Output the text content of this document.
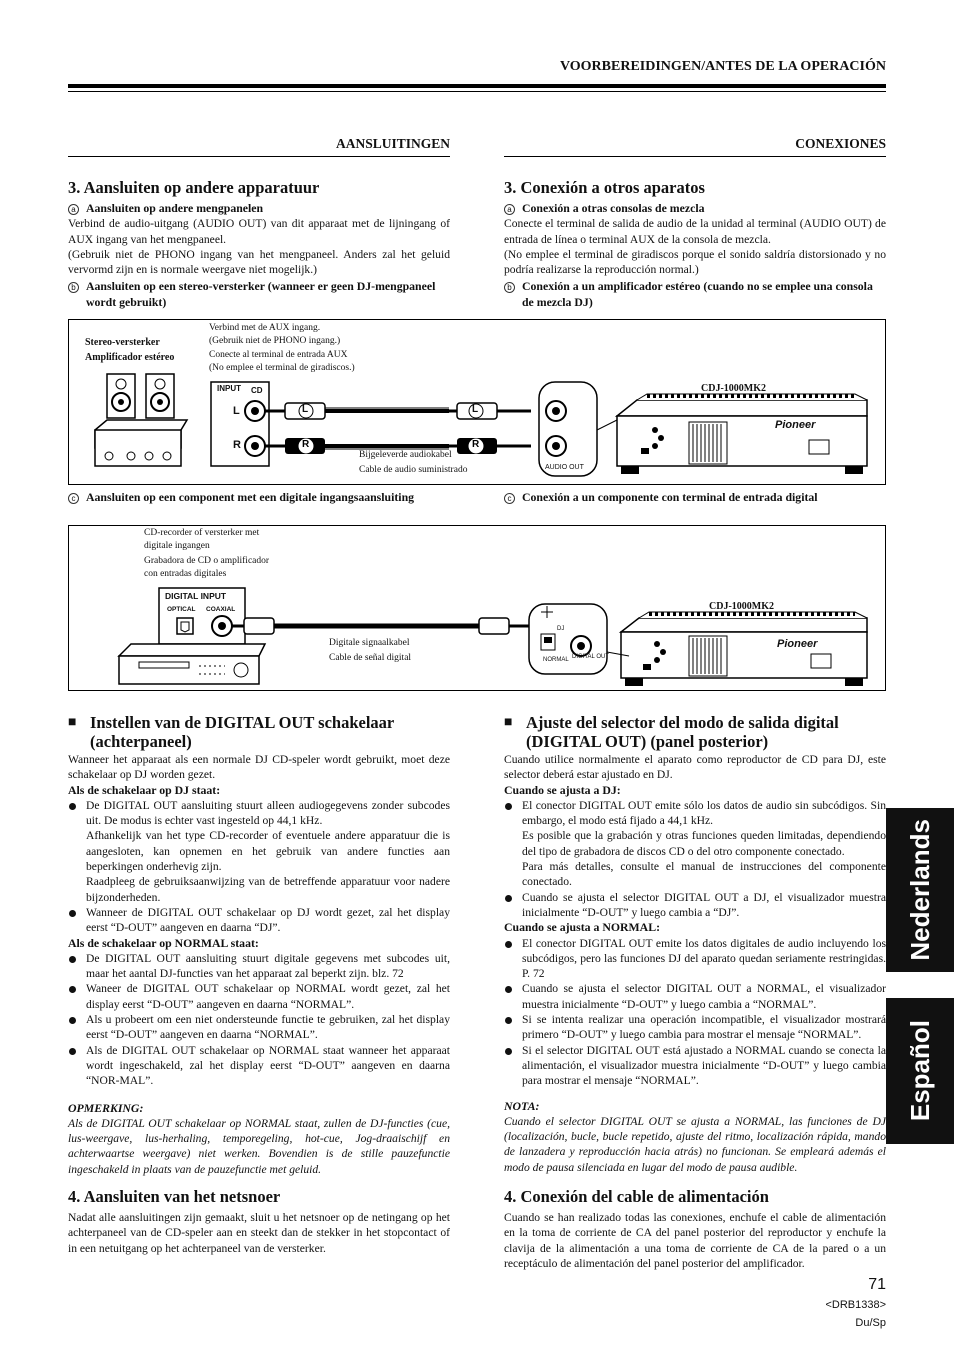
VOORBEREIDINGEN/ANTES DE LA OPERACIÓN
AANSLUITINGEN	CONEXIONES
3. Aansluiten op andere apparatuur
a Aansluiten op andere mengpanelen

Verbind de audio-uitgang (AUDIO OUT) van dit apparaat met de lijningang of AUX ingang van het mengpaneel.

(Gebruik niet de PHONO ingang van het mengpaneel. Anders zal het geluid vervormd zijn en is normale weergave niet mogelijk.)

b Aansluiten op een stereo-versterker (wanneer er geen DJ-mengpaneel wordt gebruikt)
3. Conexión a otros aparatos
a Conexión a otras consolas de mezcla

Conecte el terminal de salida de audio de la unidad al terminal (AUDIO OUT) de entrada de línea o terminal AUX de la consola de mezcla.

(No emplee el terminal de giradiscos porque el sonido saldría distorsionado y no podría realizarse la reproducción normal.)

b Conexión a un amplificador estéreo (cuando no se emplee una consola de mezcla DJ)
Stereo-versterker
Amplificador estéreo
Verbind met de AUX ingang.
(Gebruik niet de PHONO ingang.)
Conecte al terminal de entrada AUX
(No emplee el terminal de giradiscos.)
INPUT CD
L
R
L
R
L
R
Bijgeleverde audiokabel
Cable de audio suministrado	AUDIO OUT
CDJ-1000MK2
Pioneer
c Aansluiten op een component met een digitale ingangsaansluiting	c Conexión a un componente con terminal de entrada digital
CD-recorder of versterker met
digitale ingangen
Grabadora de CD o amplificador
con entradas digitales
DIGITAL INPUT
OPTICAL COAXIAL
Digitale signaalkabel
Cable de señal digital
DJ
NORMAL DIGITAL OUT
CDJ-1000MK2
Pioneer
■ Instellen van de DIGITAL OUT schakelaar (achterpaneel)

Wanneer het apparaat als een normale DJ CD-speler wordt gebruikt, moet deze schakelaar op DJ worden gezet.

Als de schakelaar op DJ staat:
De DIGITAL OUT aansluiting stuurt alleen audiogegevens zonder subcodes uit. De modus is echter vast ingesteld op 44,1 kHz.
Afhankelijk van het type CD-recorder of eventuele andere apparatuur die is aangesloten, kan opnemen en het gebruik van andere functies aan beperkingen onderhevig zijn.
Raadpleeg de gebruiksaanwijzing van de betreffende apparatuur voor nadere bijzonderheden.
Wanneer de DIGITAL OUT schakelaar op DJ wordt gezet, zal het display eerst “D-OUT” aangeven en daarna “DJ”.
Als de schakelaar op NORMAL staat:
De DIGITAL OUT aansluiting stuurt digitale gegevens met subcodes uit, maar het aantal DJ-functies van het apparaat zal beperkt zijn. blz. 72
Waneer de DIGITAL OUT schakelaar op NORMAL wordt gezet, zal het display eerst “D-OUT” aangeven en daarna “NORMAL”.
Als u probeert om een niet ondersteunde functie te gebruiken, zal het display eerst “D-OUT” aangeven en daarna “NORMAL”.
Als de DIGITAL OUT schakelaar op NORMAL staat wanneer het apparaat wordt ingeschakeld, zal het display eerst “D-OUT” aangeven en daarna “NOR-MAL”.
OPMERKING:

Als de DIGITAL OUT schakelaar op NORMAL staat, zullen de DJ-functies (cue, lus-weergave, lus-herhaling, temporegeling, hot-cue, Jog-draaischijf en achterwaartse weergave) niet werken. Bovendien is de stille pauzefunctie ingeschakeld in plaats van de pauzefunctie met geluid.

4. Aansluiten van het netsnoer

Nadat alle aansluitingen zijn gemaakt, sluit u het netsnoer op de netingang op het achterpaneel van de CD-speler aan en steekt dan de stekker in het stopcontact of in een netuitgang op het achterpaneel van de versterker.

■ Ajuste del selector del modo de salida digital (DIGITAL OUT) (panel posterior)

Cuando utilice normalmente el aparato como reproductor de CD para DJ, este selector deberá estar ajustado en DJ.

Cuando se ajusta a DJ:
El conector DIGITAL OUT emite sólo los datos de audio sin subcódigos. Sin embargo, el modo está fijado a 44,1 kHz.
Es posible que la grabación y otras funciones queden limitadas, dependiendo del tipo de grabadora de discos CD o del otro componente conectado.
Para más detalles, consulte el manual de instrucciones del componente conectado.
Cuando se ajusta el selector DIGITAL OUT a DJ, el visualizador muestra inicialmente “D-OUT” y luego cambia a “DJ”.
Cuando se ajusta a NORMAL:
El conector DIGITAL OUT emite los datos digitales de audio incluyendo los subcódigos, pero las funciones DJ del aparato quedan seriamente restringidas. P. 72
Cuando se ajusta el selector DIGITAL OUT a NORMAL, el visualizador muestra inicialmente “D-OUT” y luego cambia a “NORMAL”.
Si se intenta realizar una operación incompatible, el visualizador mostrará primero “D-OUT” y luego cambia para mostrar el mensaje “NORMAL”.
Si el selector DIGITAL OUT está ajustado a NORMAL cuando se conecta la alimentación, el visualizador muestra inicialmente “D-OUT” y luego cambia para mostrar el mensaje “NORMAL”.
NOTA:

Cuando el selector DIGITAL OUT se ajusta a NORMAL, las funciones de DJ (localización, bucle, bucle repetido, ajuste del ritmo, localización rápida, mando de lanzadera y reproducción hacia atrás) no funcionan. Se empleará además el modo de pausa silenciada en lugar del modo de pausa audible.

4. Conexión del cable de alimentación

Cuando se han realizado todas las conexiones, enchufe el cable de alimentación en la toma de corriente de CA del panel posterior del reproductor y enchufe la clavija de la alimentación a una toma de corriente de CA de la pared o a un receptáculo de alimentación del panel posterior del amplificador.

Nederlands
Español
71
<DRB1338>
Du/Sp
